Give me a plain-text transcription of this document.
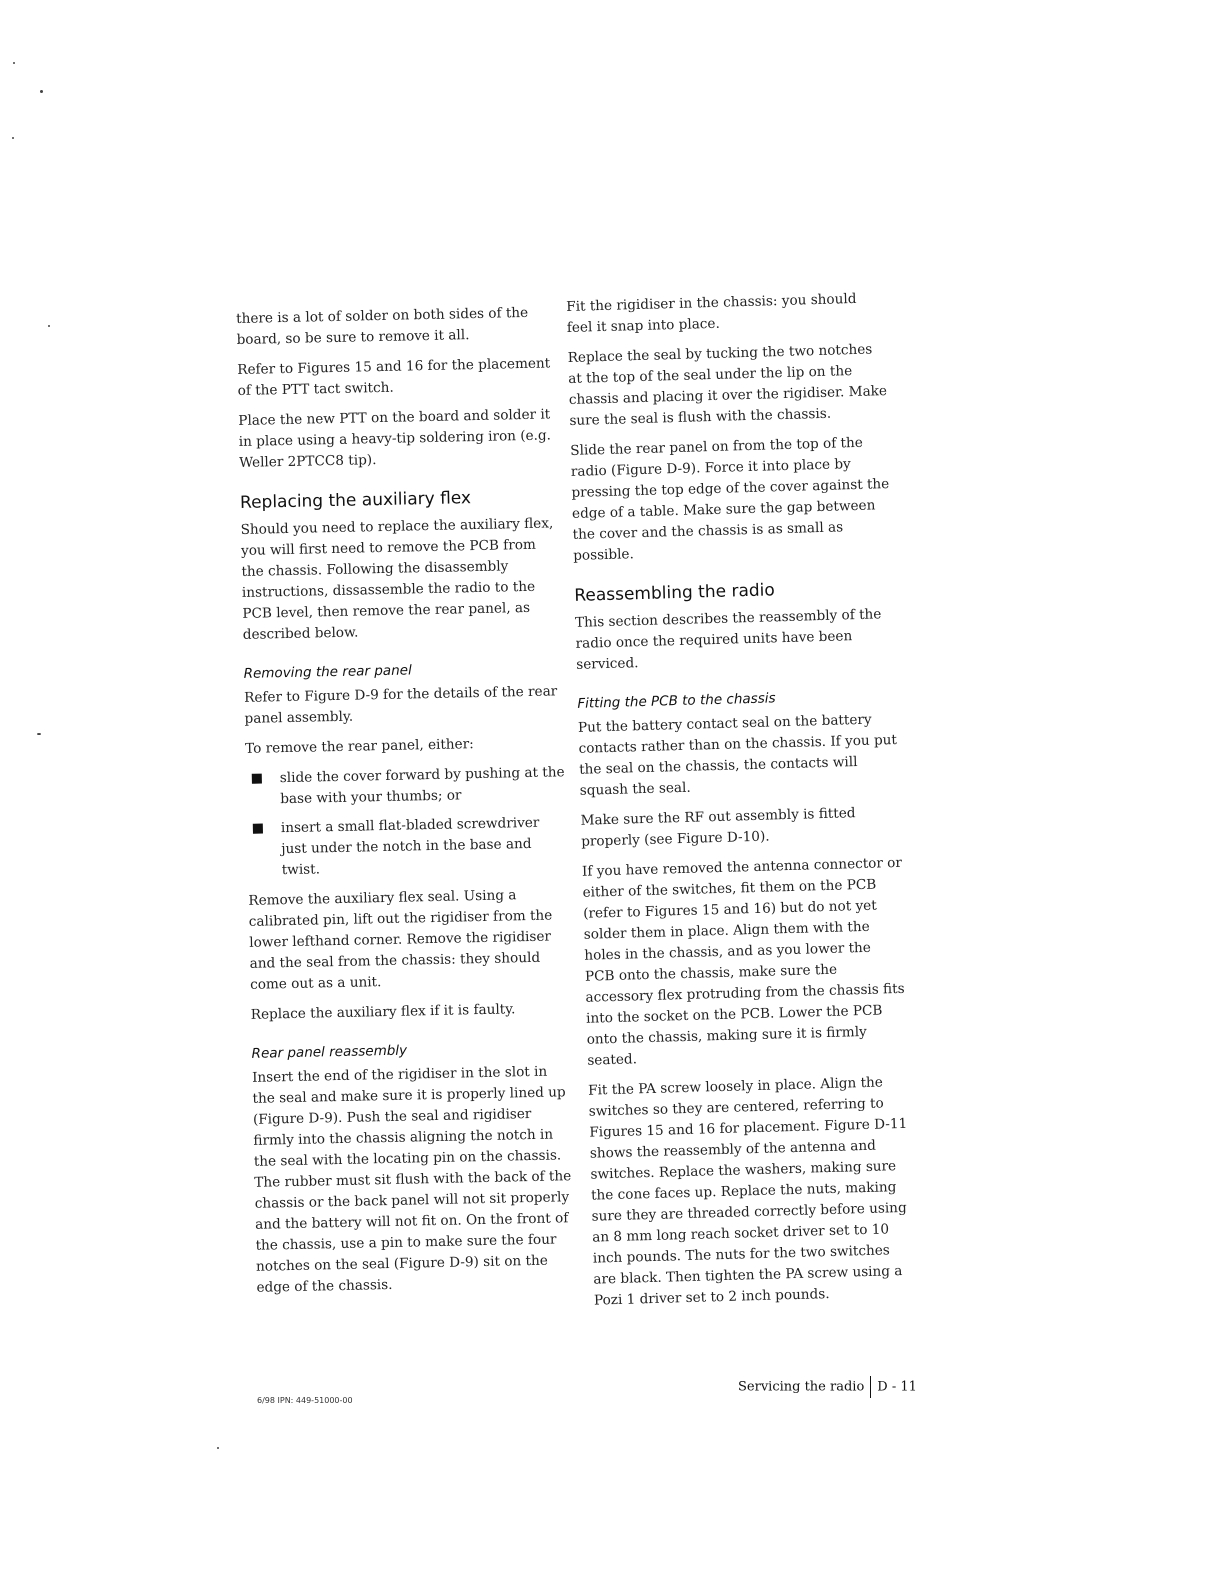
there is a lot of solder on both sides of the board, so be sure to remove it all.

Refer to Figures 15 and 16 for the placement of the PTT tact switch.

Place the new PTT on the board and solder it in place using a heavy-tip soldering iron (e.g. Weller 2PTCC8 tip).

Replacing the auxiliary flex

Should you need to replace the auxiliary flex, you will first need to remove the PCB from the chassis. Following the disassembly instructions, dissassemble the radio to the PCB level, then remove the rear panel, as described below.

Removing the rear panel

Refer to Figure D-9 for the details of the rear panel assembly.

To remove the rear panel, either:

slide the cover forward by pushing at the base with your thumbs; or
insert a small flat-bladed screwdriver just under the notch in the base and twist.

Remove the auxiliary flex seal. Using a calibrated pin, lift out the rigidiser from the lower lefthand corner. Remove the rigidiser and the seal from the chassis: they should come out as a unit.

Replace the auxiliary flex if it is faulty.

Rear panel reassembly

Insert the end of the rigidiser in the slot in the seal and make sure it is properly lined up (Figure D-9). Push the seal and rigidiser firmly into the chassis aligning the notch in the seal with the locating pin on the chassis. The rubber must sit flush with the back of the chassis or the back panel will not sit properly and the battery will not fit on. On the front of the chassis, use a pin to make sure the four notches on the seal (Figure D-9) sit on the edge of the chassis.

Fit the rigidiser in the chassis: you should feel it snap into place.

Replace the seal by tucking the two notches at the top of the seal under the lip on the chassis and placing it over the rigidiser. Make sure the seal is flush with the chassis.

Slide the rear panel on from the top of the radio (Figure D-9). Force it into place by pressing the top edge of the cover against the edge of a table. Make sure the gap between the cover and the chassis is as small as possible.

Reassembling the radio

This section describes the reassembly of the radio once the required units have been serviced.

Fitting the PCB to the chassis

Put the battery contact seal on the battery contacts rather than on the chassis. If you put the seal on the chassis, the contacts will squash the seal.

Make sure the RF out assembly is fitted properly (see Figure D-10).

If you have removed the antenna connector or either of the switches, fit them on the PCB (refer to Figures 15 and 16) but do not yet solder them in place. Align them with the holes in the chassis, and as you lower the PCB onto the chassis, make sure the accessory flex protruding from the chassis fits into the socket on the PCB. Lower the PCB onto the chassis, making sure it is firmly seated.

Fit the PA screw loosely in place. Align the switches so they are centered, referring to Figures 15 and 16 for placement. Figure D-11 shows the reassembly of the antenna and switches. Replace the washers, making sure the cone faces up. Replace the nuts, making sure they are threaded correctly before using an 8 mm long reach socket driver set to 10 inch pounds. The nuts for the two switches are black. Then tighten the PA screw using a Pozi 1 driver set to 2 inch pounds.

6/98 IPN: 449-51000-00
Servicing the radio D - 11
